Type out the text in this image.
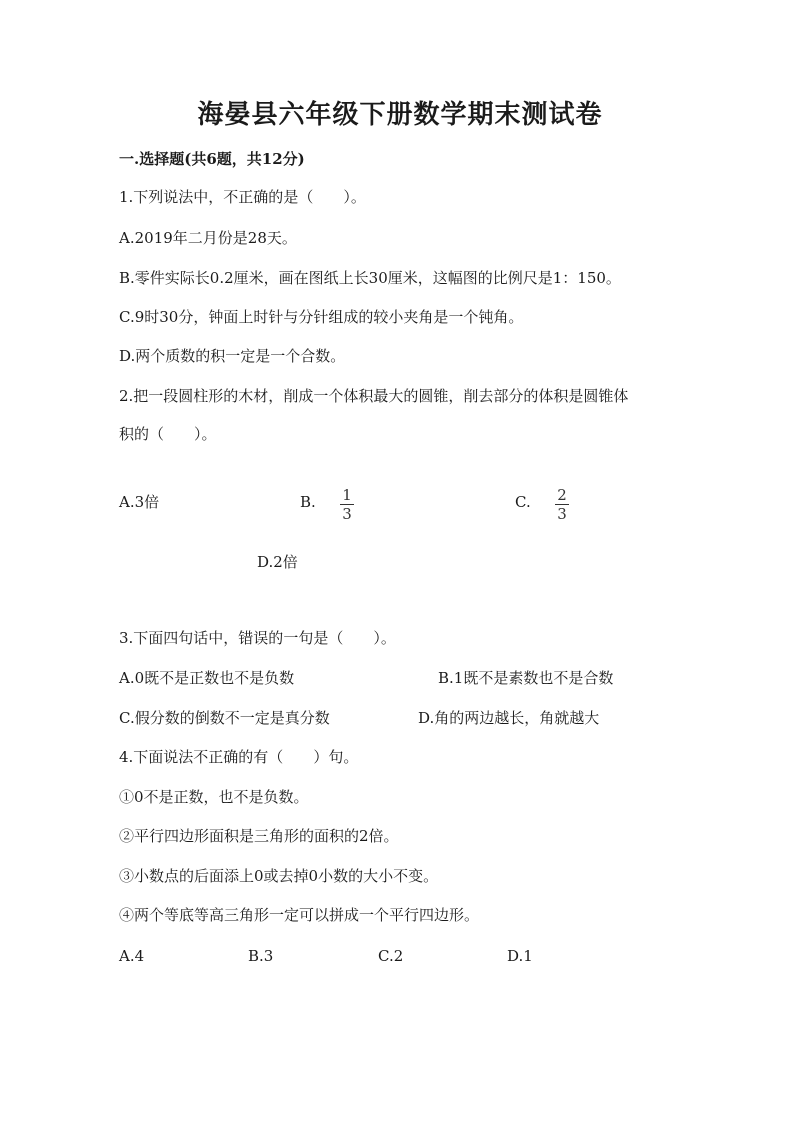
海晏县六年级下册数学期末测试卷
一.选择题(共6题，共12分)
1.下列说法中，不正确的是（　　）。
A.2019年二月份是28天。
B.零件实际长0.2厘米，画在图纸上长30厘米，这幅图的比例尺是1：150。
C.9时30分，钟面上时针与分针组成的较小夹角是一个钝角。
D.两个质数的积一定是一个合数。
2.把一段圆柱形的木材，削成一个体积最大的圆锥，削去部分的体积是圆锥体
积的（　　）。
A.3倍	B. 1
3
C. 2
3
D.2倍
3.下面四句话中，错误的一句是（　　）。
A.0既不是正数也不是负数	B.1既不是素数也不是合数
C.假分数的倒数不一定是真分数	D.角的两边越长，角就越大
4.下面说法不正确的有（　　）句。
①0不是正数，也不是负数。
②平行四边形面积是三角形的面积的2倍。
③小数点的后面添上0或去掉0小数的大小不变。
④两个等底等高三角形一定可以拼成一个平行四边形。
A.4	B.3	C.2	D.1
